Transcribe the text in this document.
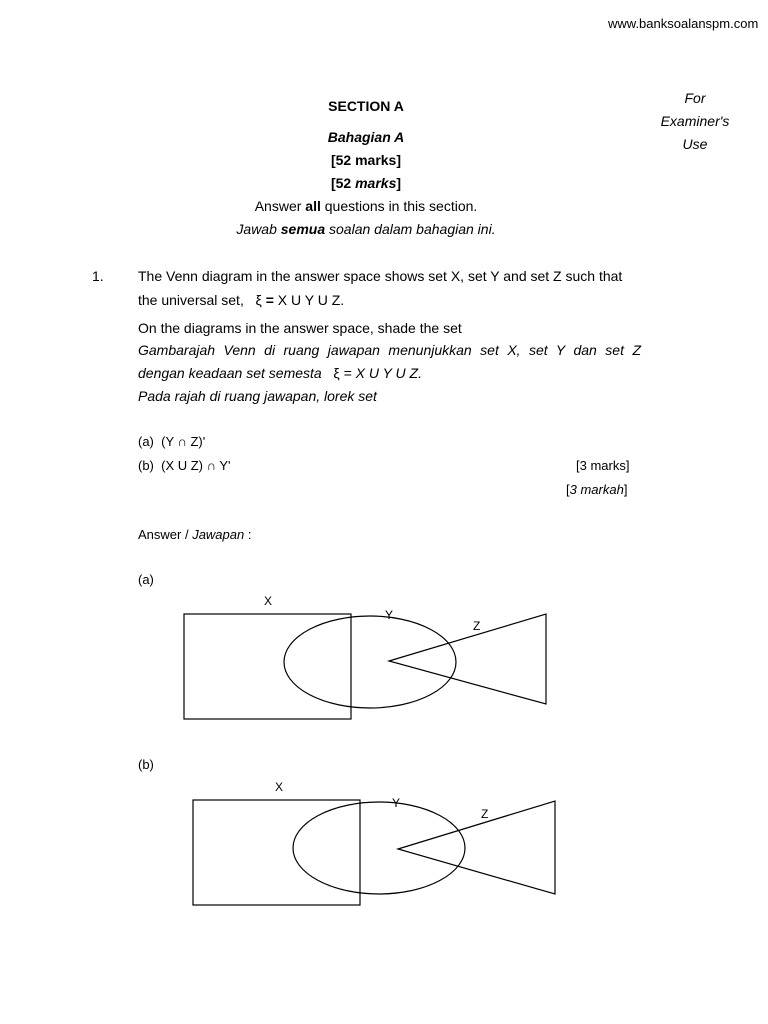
www.banksoalanspm.com
For
Examiner's
Use
SECTION A
Bahagian A
[52 marks]
[52 marks]
Answer all questions in this section.
Jawab semua soalan dalam bahagian ini.
1. The Venn diagram in the answer space shows set X, set Y and set Z such that
the universal set, ξ = X U Y U Z.
On the diagrams in the answer space, shade the set
Gambarajah Venn di ruang jawapan menunjukkan set X, set Y dan set Z
dengan keadaan set semesta ξ = X U Y U Z.
Pada rajah di ruang jawapan, lorek set
(a) (Y ∩ Z)'
(b) (X U Z) ∩ Y'	[3 marks]
[3 markah]
Answer / Jawapan :
(a)
X
Y
Z
(b)
X
Y
Z
